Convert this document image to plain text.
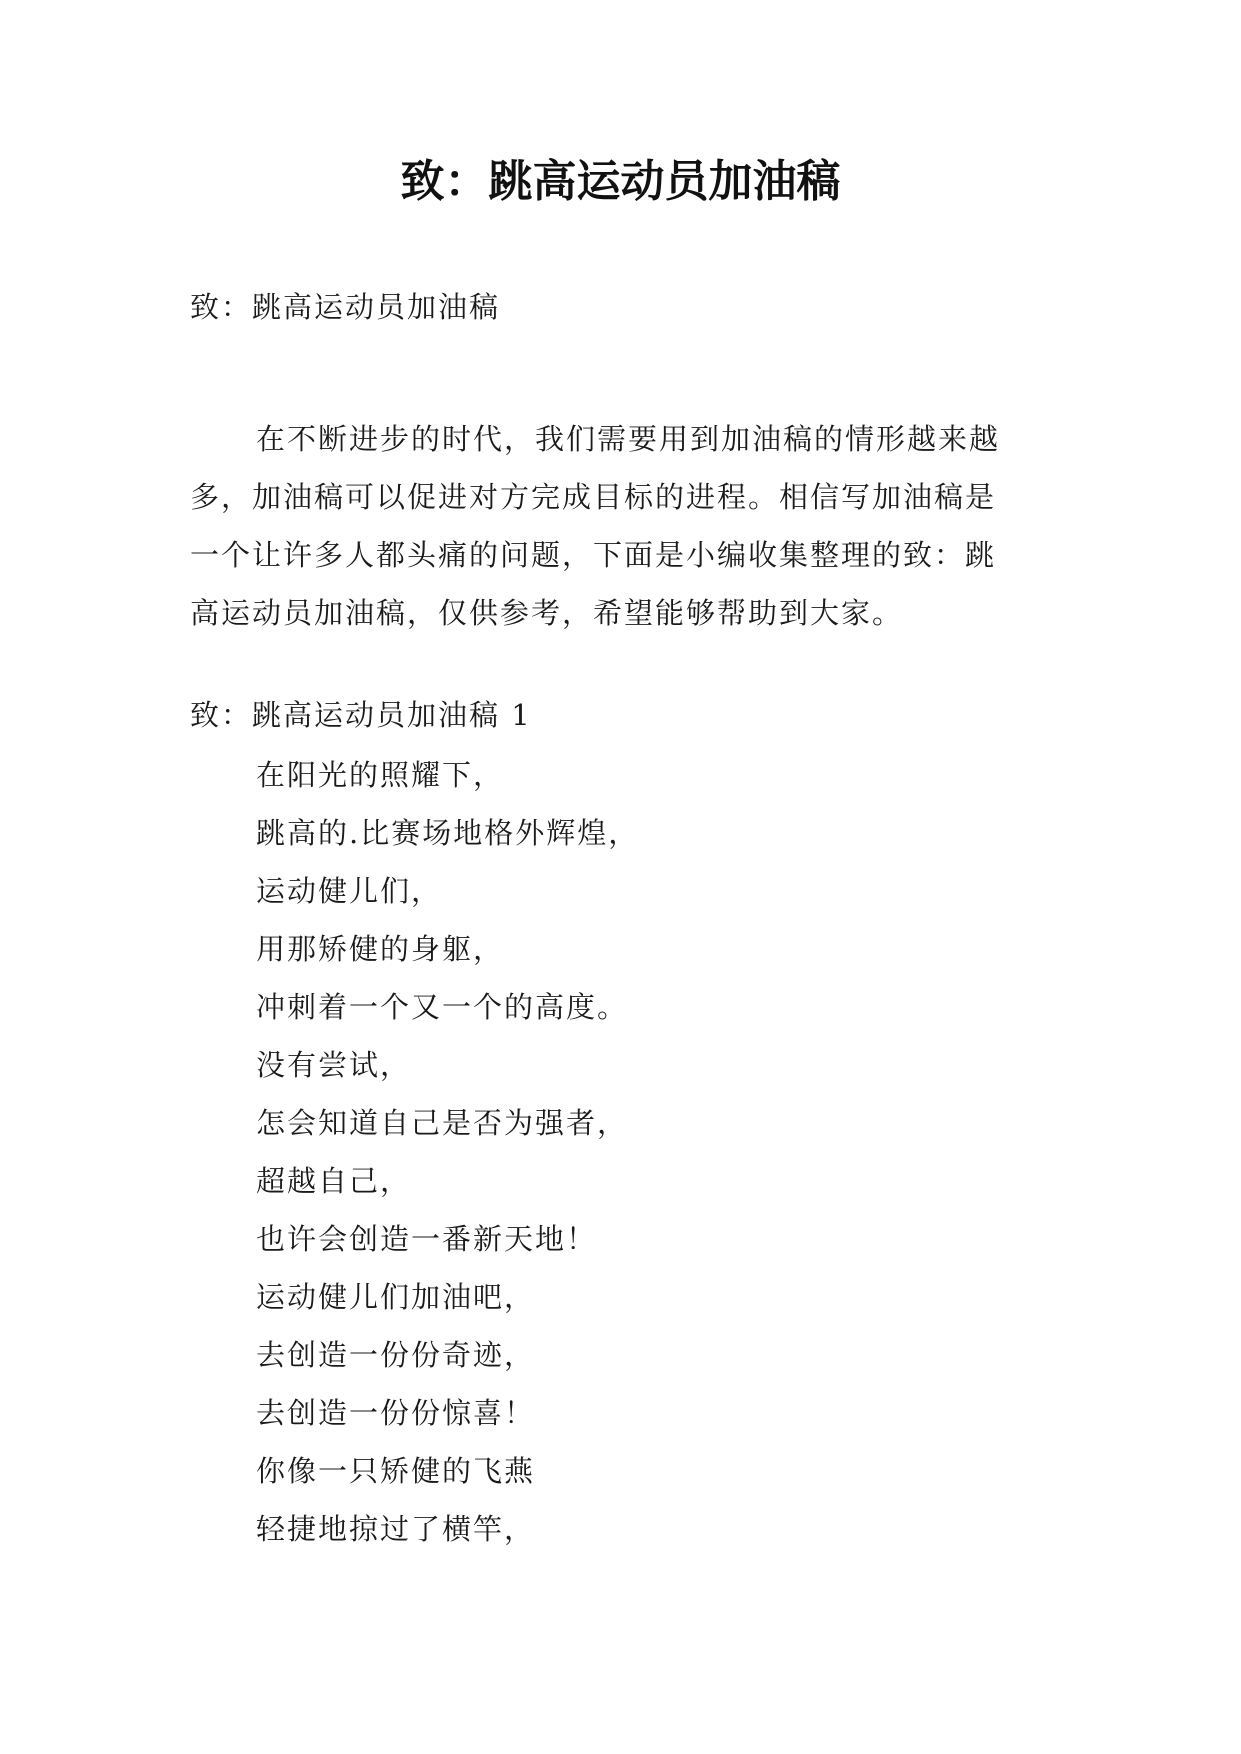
致：跳高运动员加油稿

致：跳高运动员加油稿

在不断进步的时代，我们需要用到加油稿的情形越来越

多，加油稿可以促进对方完成目标的进程。相信写加油稿是

一个让许多人都头痛的问题，下面是小编收集整理的致：跳

高运动员加油稿，仅供参考，希望能够帮助到大家。

致：跳高运动员加油稿 1

在阳光的照耀下，
跳高的.比赛场地格外辉煌，
运动健儿们，
用那矫健的身躯，
冲刺着一个又一个的高度。
没有尝试，
怎会知道自己是否为强者，
超越自己，
也许会创造一番新天地！
运动健儿们加油吧，
去创造一份份奇迹，
去创造一份份惊喜！
你像一只矫健的飞燕
轻捷地掠过了横竿，
